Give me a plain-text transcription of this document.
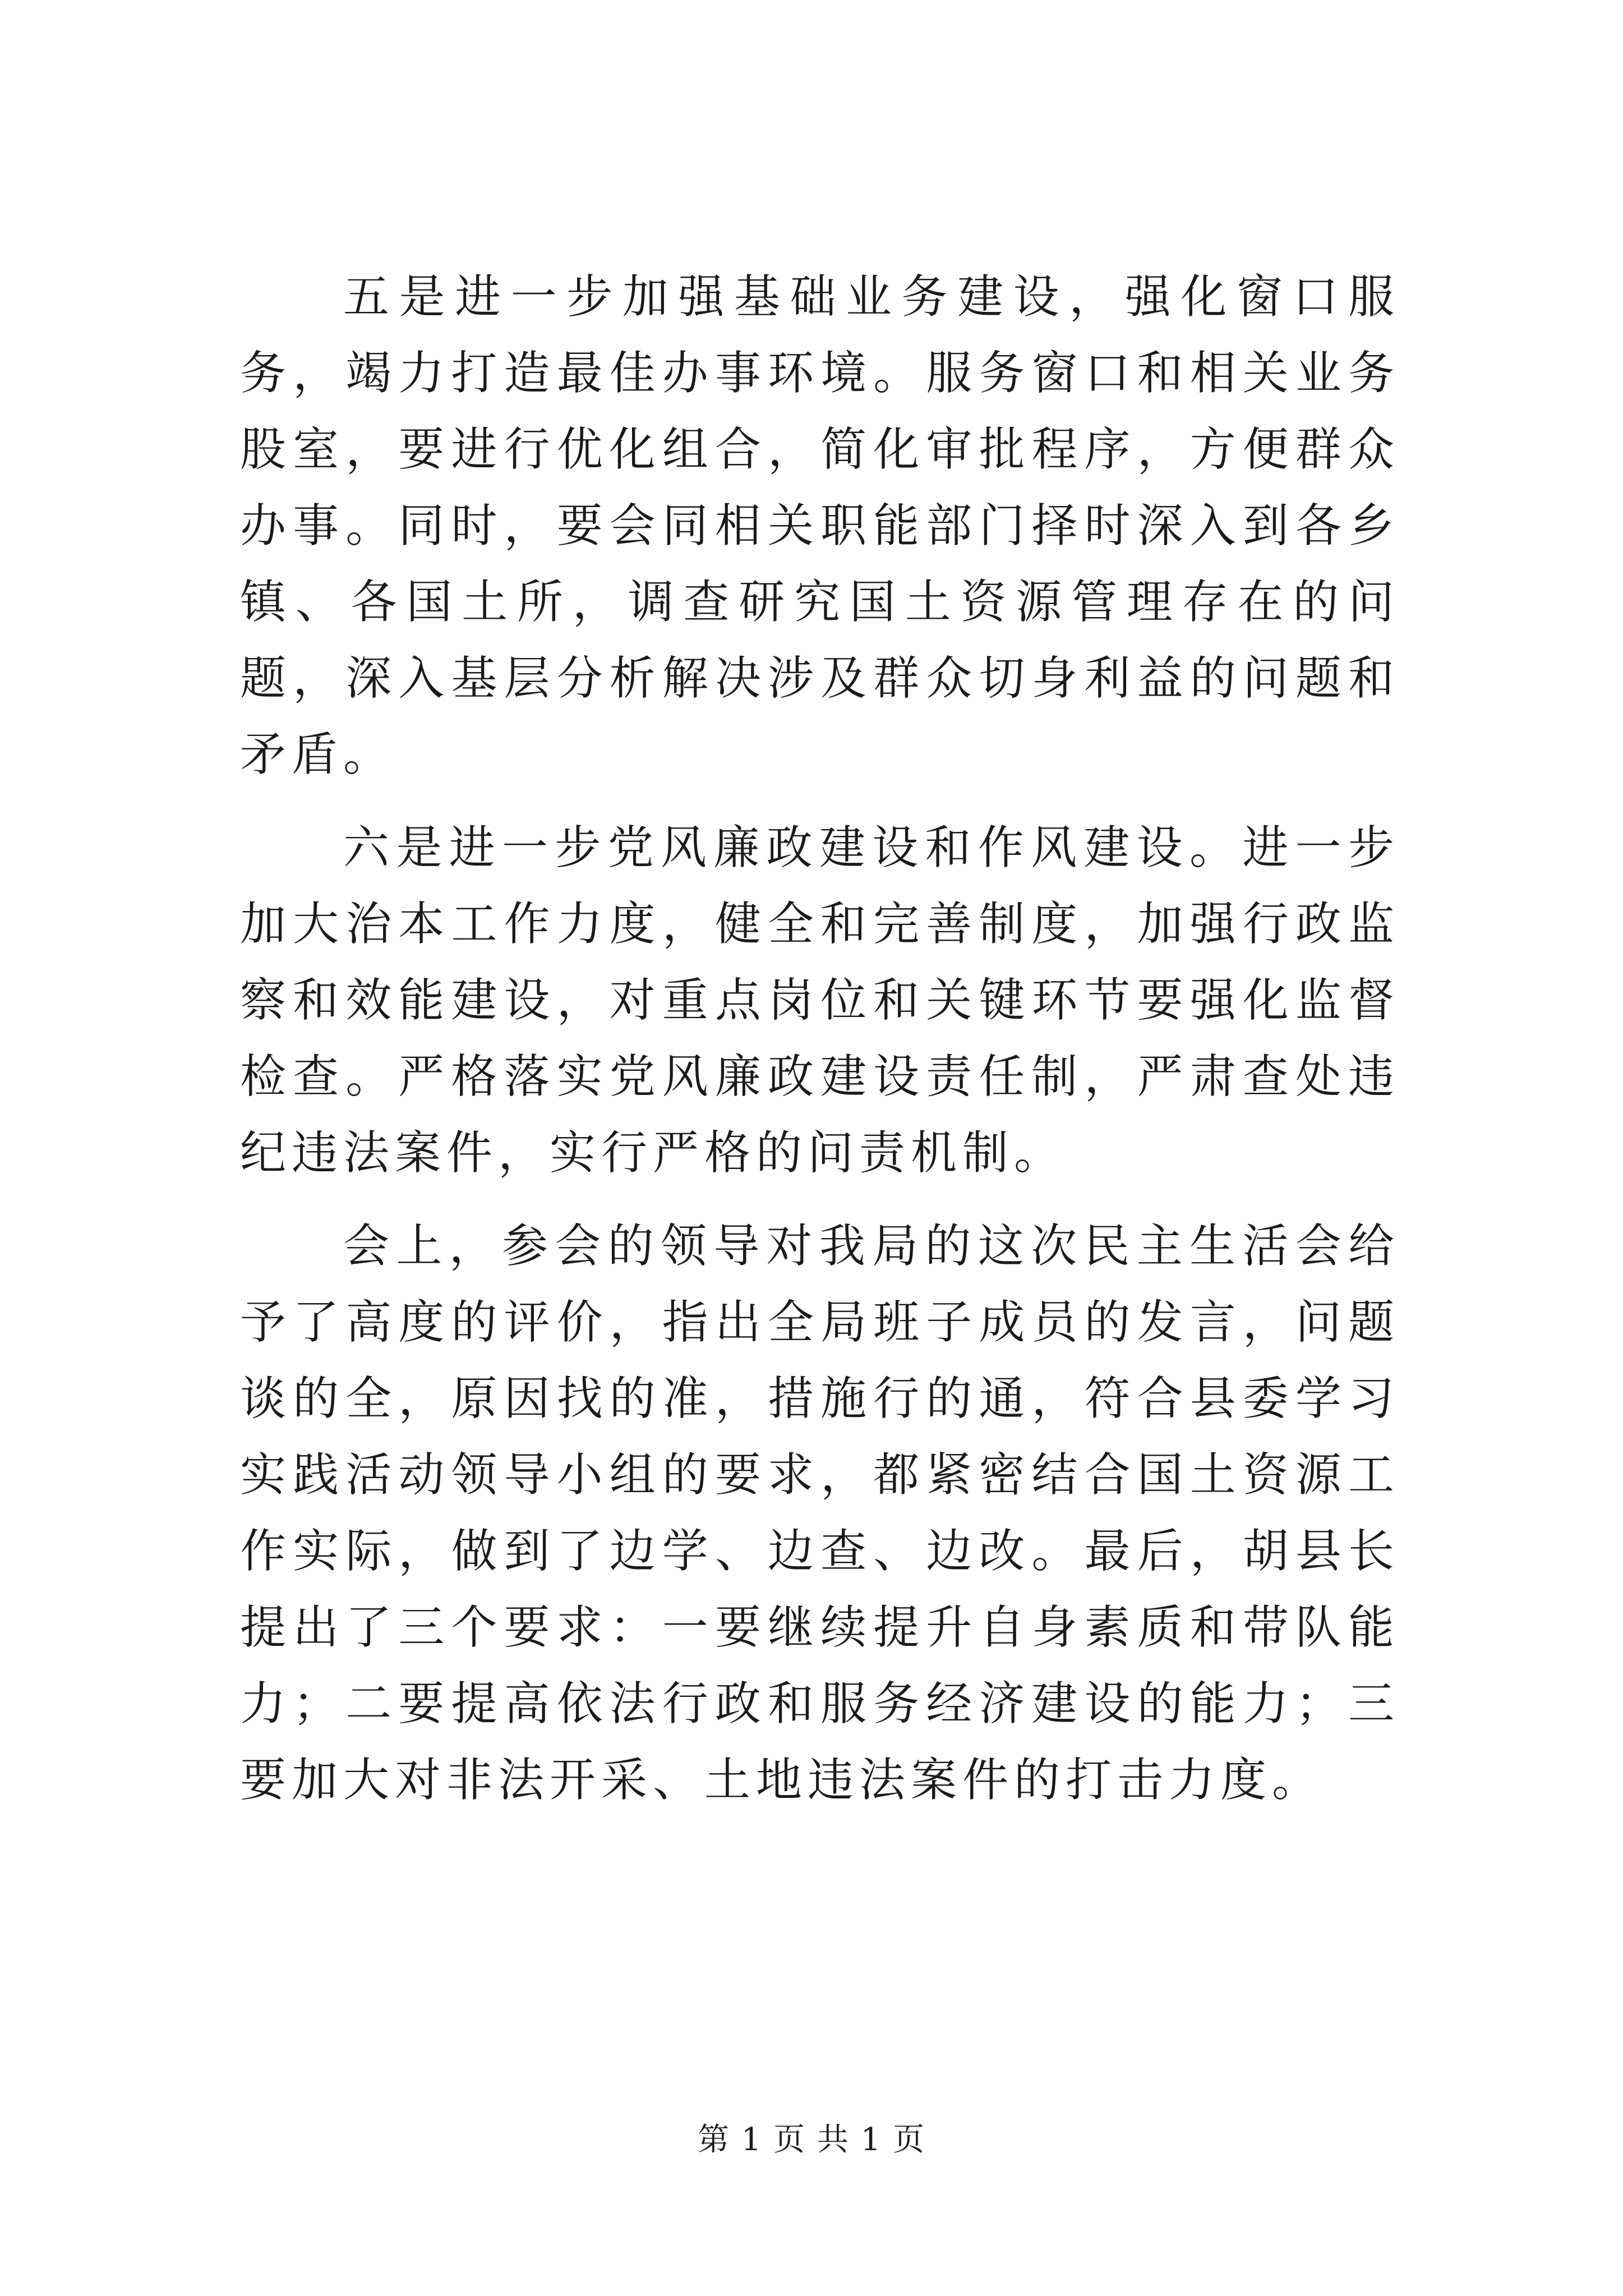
五是进一步加强基础业务建设，强化窗口服务，竭力打造最佳办事环境。服务窗口和相关业务股室，要进行优化组合，简化审批程序，方便群众办事。同时，要会同相关职能部门择时深入到各乡镇、各国土所，调查研究国土资源管理存在的问题，深入基层分析解决涉及群众切身利益的问题和矛盾。

六是进一步党风廉政建设和作风建设。进一步加大治本工作力度，健全和完善制度，加强行政监察和效能建设，对重点岗位和关键环节要强化监督检查。严格落实党风廉政建设责任制，严肃查处违纪违法案件，实行严格的问责机制。

会上，参会的领导对我局的这次民主生活会给予了高度的评价，指出全局班子成员的发言，问题谈的全，原因找的准，措施行的通，符合县委学习实践活动领导小组的要求，都紧密结合国土资源工作实际，做到了边学、边查、边改。最后，胡县长提出了三个要求：一要继续提升自身素质和带队能力；二要提高依法行政和服务经济建设的能力；三要加大对非法开采、土地违法案件的打击力度。

第 1 页 共 1 页
